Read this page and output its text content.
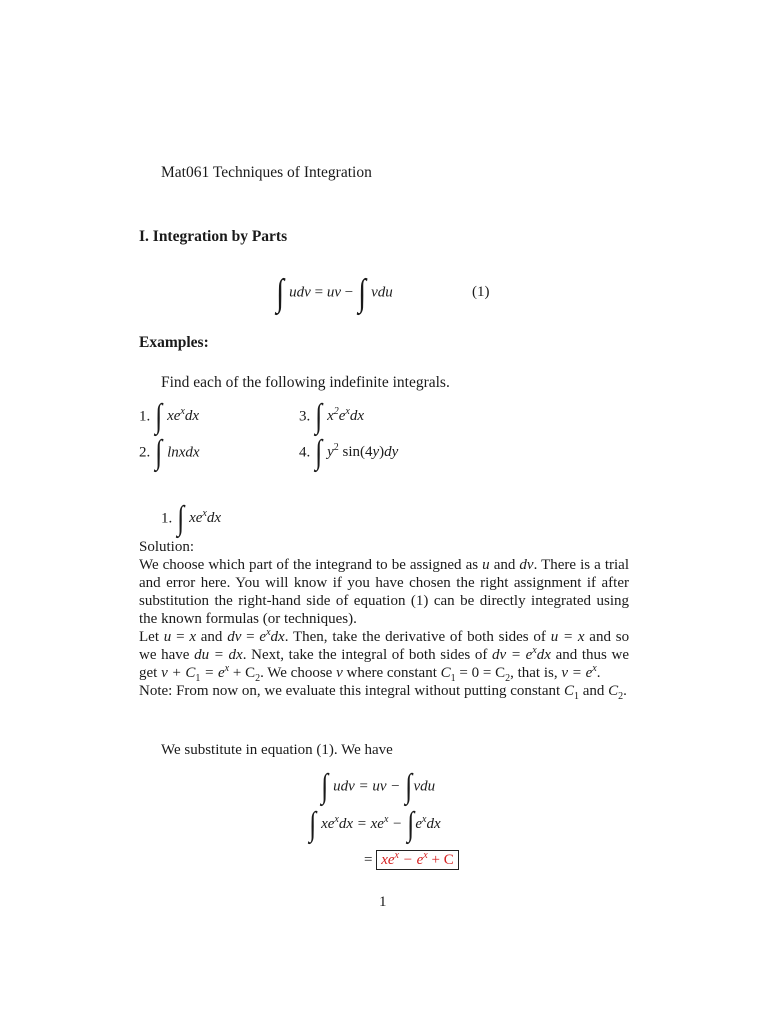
Mat061 Techniques of Integration
I. Integration by Parts
∫ udv = uv − ∫ vdu	(1)
Examples:
Find each of the following indefinite integrals.
1. ∫ $xe^xdx$
2. ∫ lnxdx
3. ∫ $x^2e^xdx$
4. ∫ $y^2$ sin(4y)dy
1. ∫ $xe^xdx$

Solution:

We choose which part of the integrand to be assigned as u and dv. There is a trial and error here. You will know if you have chosen the right assignment if after substitution the right-hand side of equation (1) can be directly integrated using the known formulas (or techniques).

Let u = x and dv = $e^xdx$. Then, take the derivative of both sides of u = x and so we have du = dx. Next, take the integral of both sides of dv = $e^xdx$ and thus we get $v + C_1 = e^x + C_2$. We choose v where constant $C_1 = 0 = C_2$, that is, $v = e^x$.

Note: From now on, we evaluate this integral without putting constant $C_1$ and $C_2$.

We substitute in equation (1). We have
∫ udv = uv − ∫vdu
∫ $xe^xdx = xe^x - \int e^xdx$
= $xe^x - e^x + C$
1
